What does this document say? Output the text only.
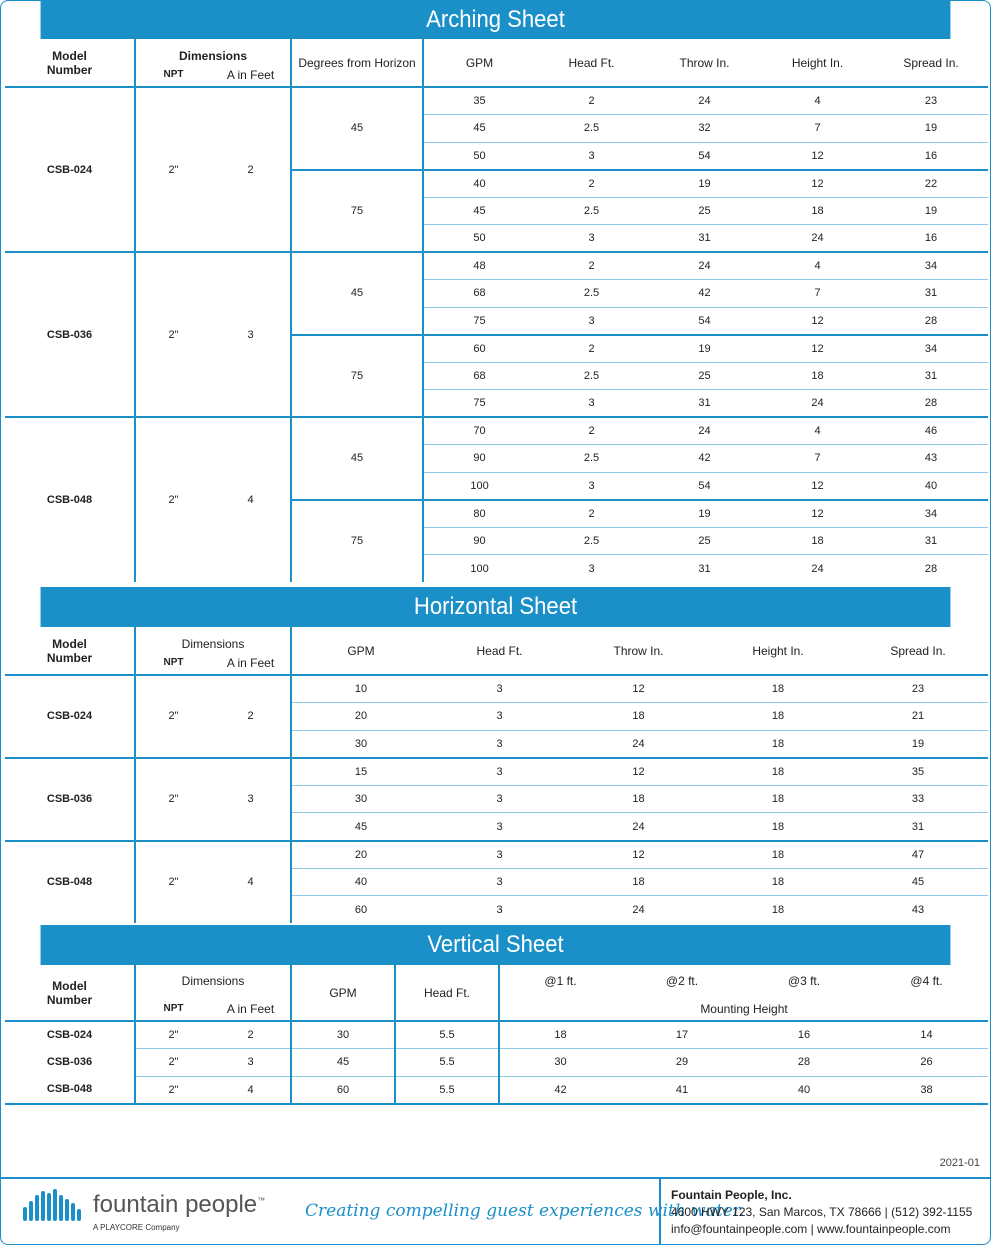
Arching Sheet
Model
Number	Dimensions		Degrees from Horizon	GPM	Head Ft.	Throw In.	Height In.	Spread In.
	NPT	A in Feet						
CSB-024	2"	2	45	35	2	24	4	23
				45	2.5	32	7	19
				50	3	54	12	16
			75	40	2	19	12	22
				45	2.5	25	18	19
				50	3	31	24	16
CSB-036	2"	3	45	48	2	24	4	34
				68	2.5	42	7	31
				75	3	54	12	28
			75	60	2	19	12	34
				68	2.5	25	18	31
				75	3	31	24	28
CSB-048	2"	4	45	70	2	24	4	46
				90	2.5	42	7	43
				100	3	54	12	40
			75	80	2	19	12	34
				90	2.5	25	18	31
				100	3	31	24	28
Horizontal Sheet
Model
Number	Dimensions		GPM	Head Ft.	Throw In.	Height In.	Spread In.
	NPT	A in Feet					
CSB-024	2"	2	10	3	12	18	23
			20	3	18	18	21
			30	3	24	18	19
CSB-036	2"	3	15	3	12	18	35
			30	3	18	18	33
			45	3	24	18	31
CSB-048	2"	4	20	3	12	18	47
			40	3	18	18	45
			60	3	24	18	43
Vertical Sheet
Model
Number	Dimensions		GPM	Head Ft.	@1 ft.	@2 ft.	@3 ft.	@4 ft.
	NPT	A in Feet			Mounting Height			
CSB-024	2"	2	30	5.5	18	17	16	14
CSB-036	2"	3	45	5.5	30	29	28	26
CSB-048	2"	4	60	5.5	42	41	40	38
2021-01
fountain people™
A PLAYCORE Company
Creating compelling guest experiences with water.
Fountain People, Inc.
4600 HWY 123, San Marcos, TX 78666 | (512) 392-1155
info@fountainpeople.com | www.fountainpeople.com
